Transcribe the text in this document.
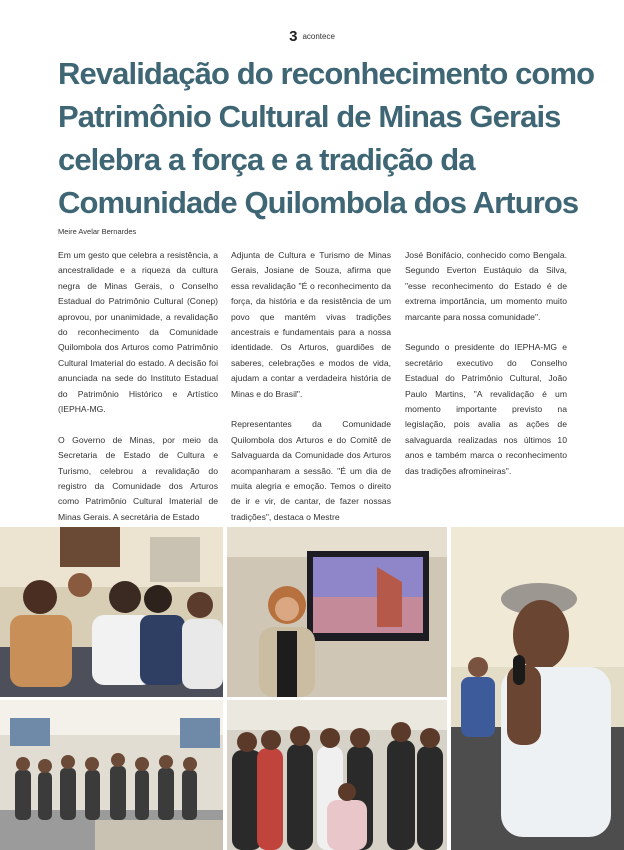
3 acontece
Revalidação do reconhecimento como
Patrimônio Cultural de Minas Gerais
celebra a força e a tradição da
Comunidade Quilombola dos Arturos
Meire Avelar Bernardes

Em um gesto que celebra a resistência, a ancestralidade e a riqueza da cultura negra de Minas Gerais, o Conselho Estadual do Patrimônio Cultural (Conep) aprovou, por unanimidade, a revalidação do reconhecimento da Comunidade Quilombola dos Arturos como Patrimônio Cultural Imaterial do estado. A decisão foi anunciada na sede do Instituto Estadual do Patrimônio Histórico e Artístico (IEPHA-MG.

O Governo de Minas, por meio da Secretaria de Estado de Cultura e Turismo, celebrou a revalidação do registro da Comunidade dos Arturos como Patrimônio Cultural Imaterial de Minas Gerais. A secretária de Estado

Adjunta de Cultura e Turismo de Minas Gerais, Josiane de Souza, afirma que essa revalidação "É o reconhecimento da força, da história e da resistência de um povo que mantém vivas tradições ancestrais e fundamentais para a nossa identidade. Os Arturos, guardiões de saberes, celebrações e modos de vida, ajudam a contar a verdadeira história de Minas e do Brasil".

Representantes da Comunidade Quilombola dos Arturos e do Comitê de Salvaguarda da Comunidade dos Arturos acompanharam a sessão. "É um dia de muita alegria e emoção. Temos o direito de ir e vir, de cantar, de fazer nossas tradições", destaca o Mestre

José Bonifácio, conhecido como Bengala. Segundo Everton Eustáquio da Silva, "esse reconhecimento do Estado é de extrema importância, um momento muito marcante para nossa comunidade".

Segundo o presidente do IEPHA-MG e secretário executivo do Conselho Estadual do Patrimônio Cultural, João Paulo Martins, "A revalidação é um momento importante previsto na legislação, pois avalia as ações de salvaguarda realizadas nos últimos 10 anos e também marca o reconhecimento das tradições afromineiras".
